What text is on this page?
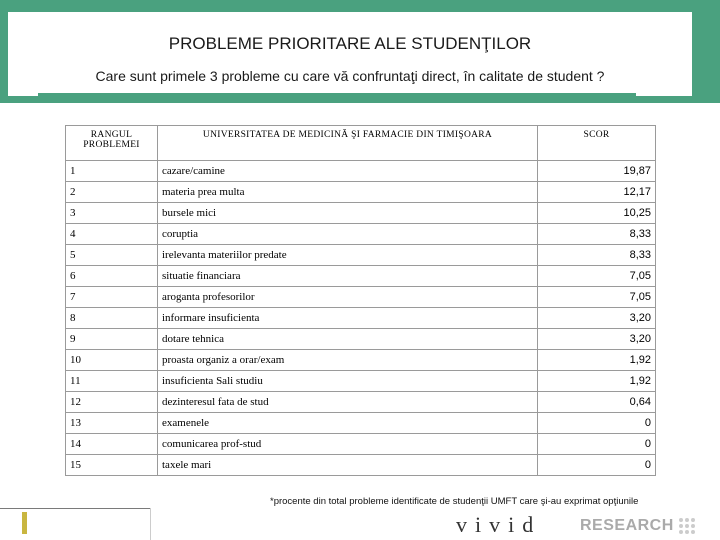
PROBLEME PRIORITARE ALE STUDENŢILOR
Care sunt primele 3 probleme cu care vă confruntaţi direct, în calitate de student ?
RANGUL PROBLEMEI	UNIVERSITATEA DE MEDICINĂ ŞI FARMACIE DIN TIMIŞOARA	SCOR
1	cazare/camine	19,87
2	materia prea multa	12,17
3	bursele mici	10,25
4	coruptia	8,33
5	irelevanta materiilor predate	8,33
6	situatie financiara	7,05
7	aroganta profesorilor	7,05
8	informare insuficienta	3,20
9	dotare tehnica	3,20
10	proasta organiz a orar/exam	1,92
11	insuficienta Sali studiu	1,92
12	dezinteresul fata de stud	0,64
13	examenele	0
14	comunicarea prof-stud	0
15	taxele mari	0
*procente din total probleme identificate de studenţii UMFT care şi-au exprimat opţiunile
vivid RESEARCH
